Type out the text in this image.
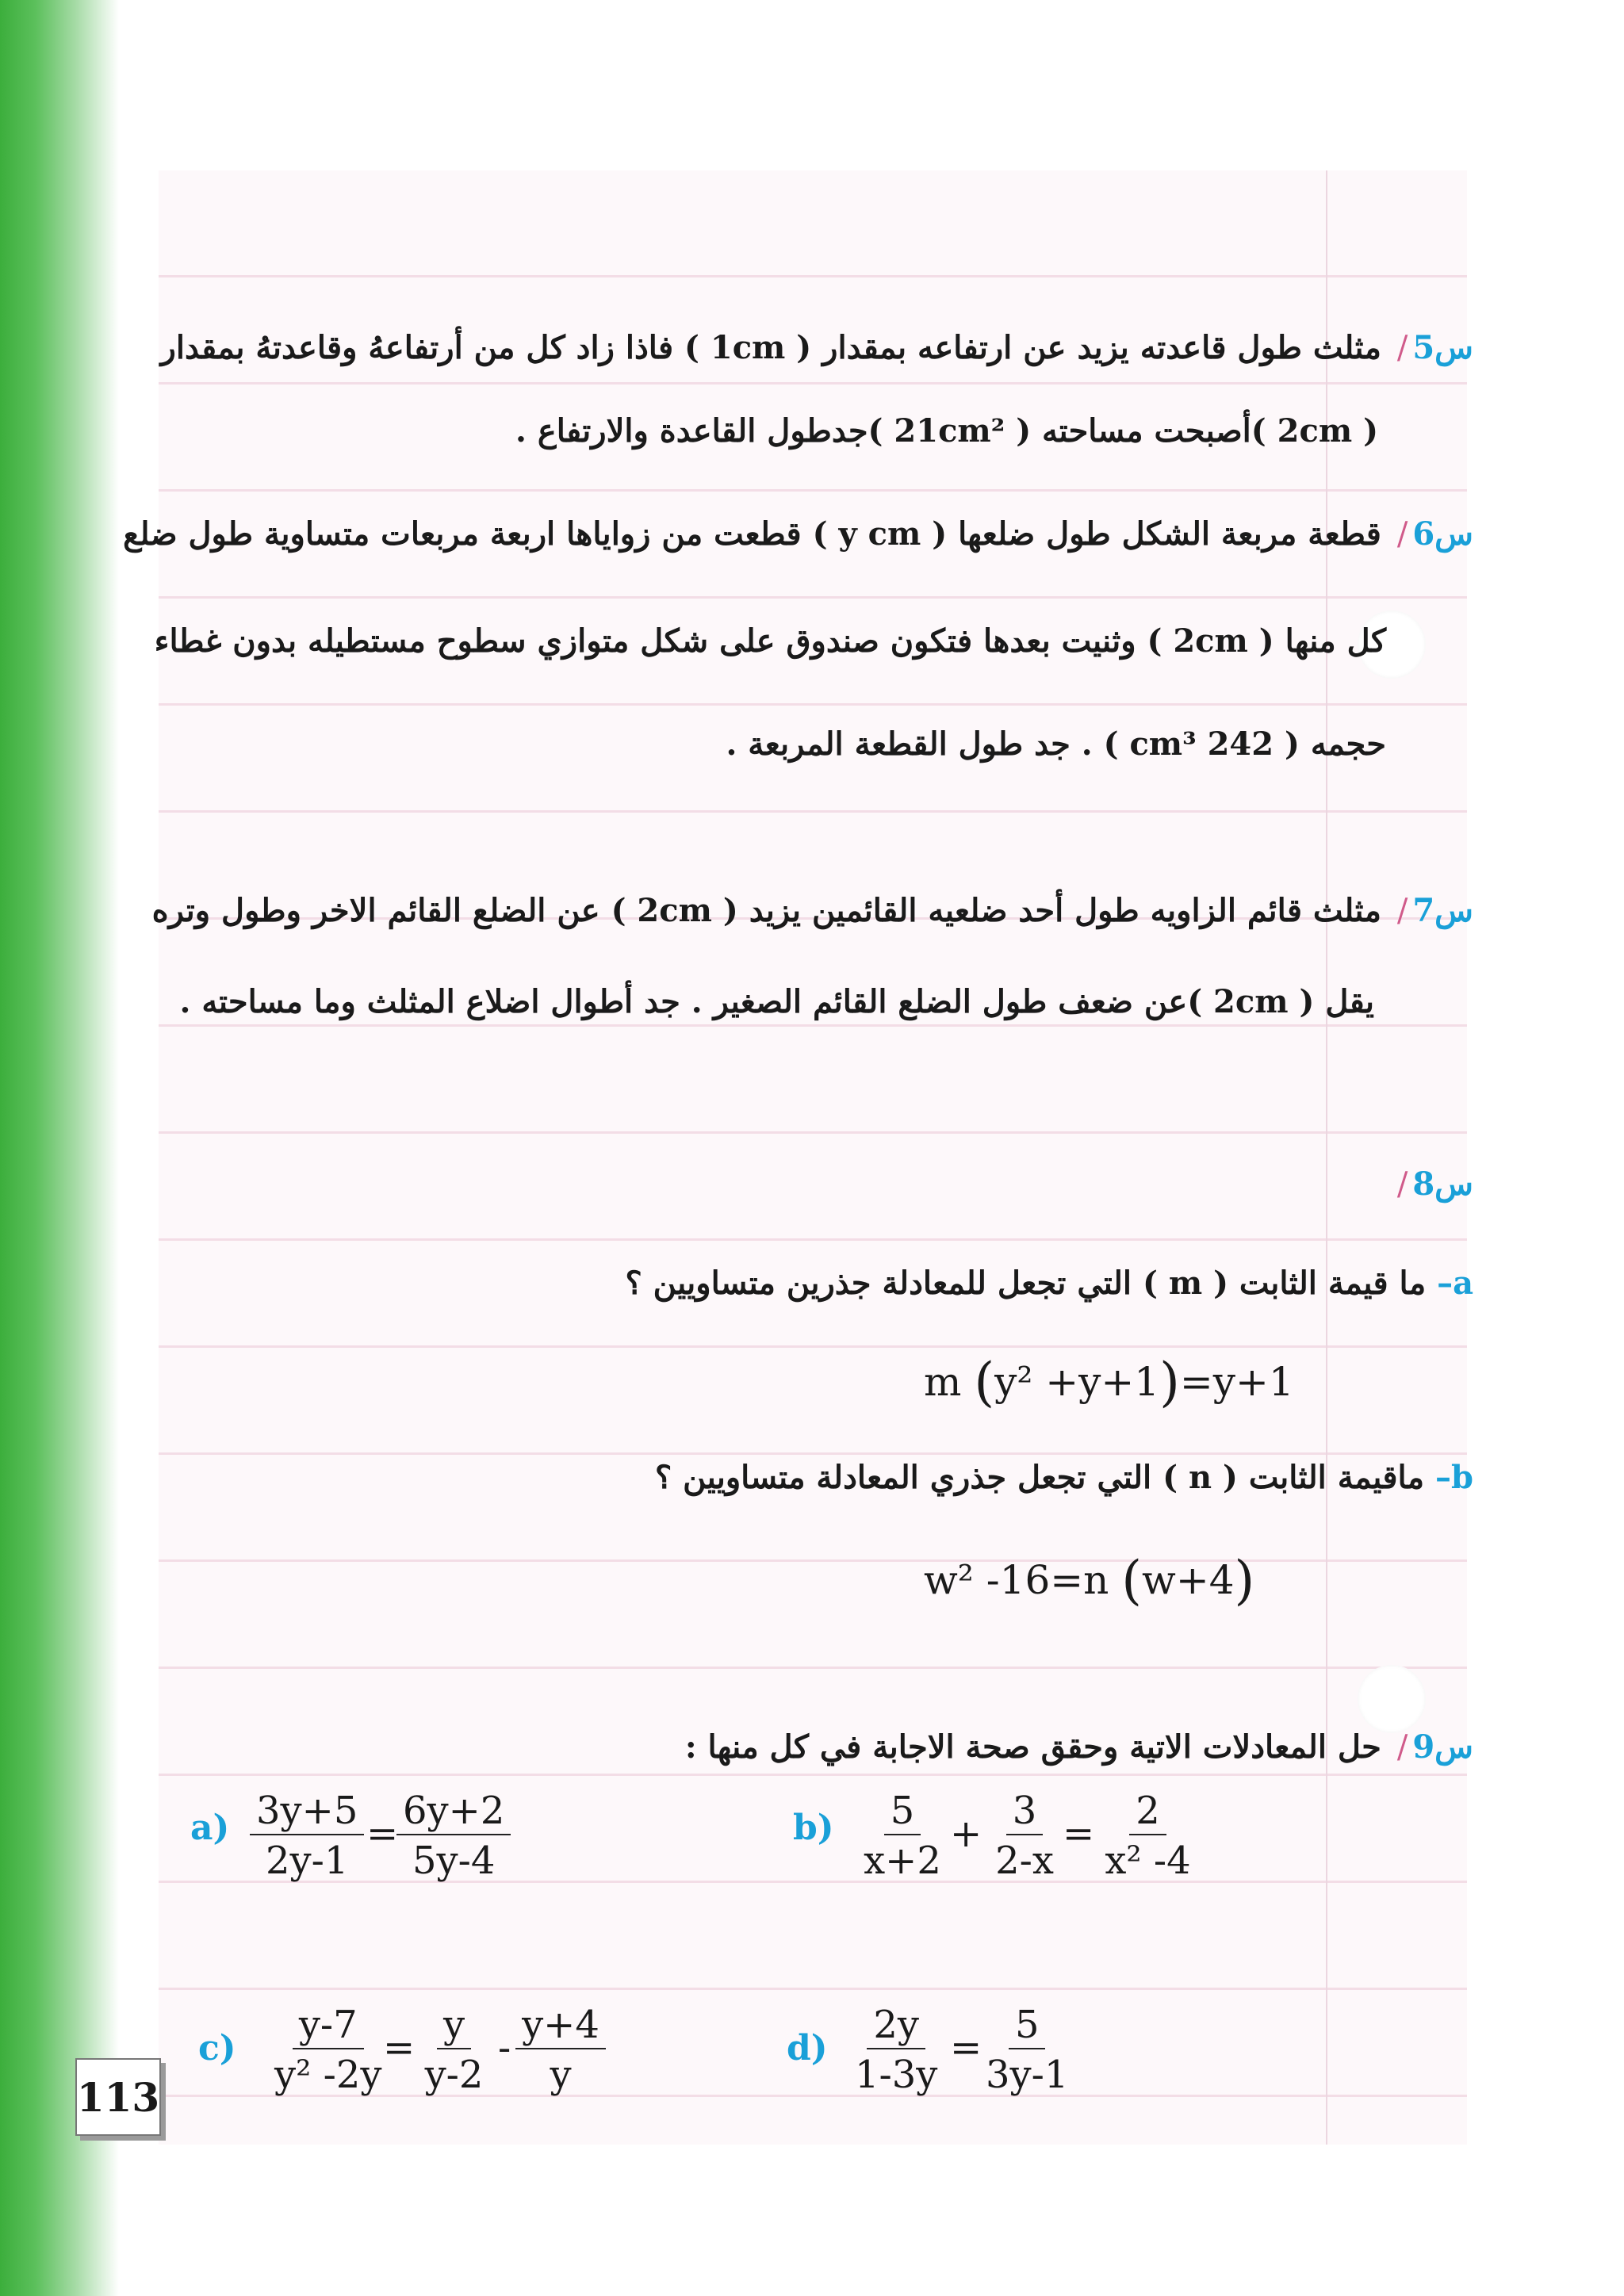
س5/ مثلث طول قاعدته يزيد عن ارتفاعه بمقدار ( 1cm ) فاذا زاد كل من أرتفاعهُ وقاعدتهُ بمقدار
( 2cm )أصبحت مساحته ( 21cm² )جدطول القاعدة والارتفاع .
س6/ قطعة مربعة الشكل طول ضلعها ( y cm ) قطعت من زواياها اربعة مربعات متساوية طول ضلع
كل منها ( 2cm ) وثنيت بعدها فتكون صندوق على شكل متوازي سطوح مستطيله بدون غطاء
حجمه ( 242 cm³ ) . جد طول القطعة المربعة .
س7/ مثلث قائم الزاويه طول أحد ضلعيه القائمين يزيد ( 2cm ) عن الضلع القائم الاخر وطول وتره
يقل ( 2cm )عن ضعف طول الضلع القائم الصغير . جد أطوال اضلاع المثلث وما مساحته .
س8/
a– ما قيمة الثابت ( m ) التي تجعل للمعادلة جذرين متساويين ؟
m (y² +y+1)=y+1
b– ماقيمة الثابت ( n ) التي تجعل جذري المعادلة متساويين ؟
w² -16=n (w+4)
س9/ حل المعادلات الاتية وحقق صحة الاجابة في كل منها :
$a) \frac{3y+5}{2y-1}$ =
$\frac{6y+2}{5y-4}$	$b) \frac{5}{x+2}$ +
$\frac{3}{2-x}$
= $\frac{2}{\text{x² -4}}$
$c) \frac{y-7}{\text{y² -2y}}$
=
$\frac{y}{y-2} - \frac{y+4}{y}$	$d) \frac{2y}{1-3y}$ =
$\frac{5}{3y-1}$
113
